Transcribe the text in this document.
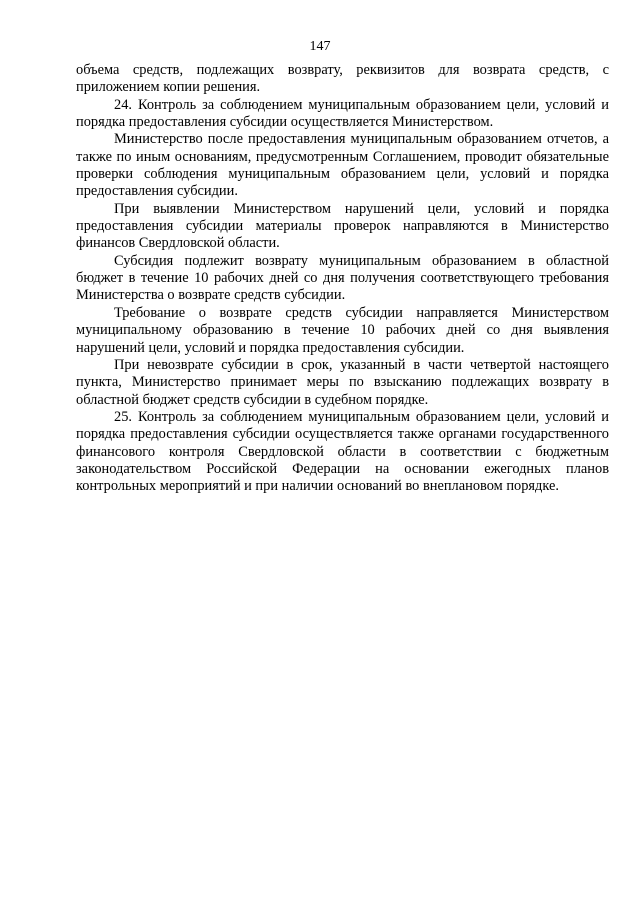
147

объема средств, подлежащих возврату, реквизитов для возврата средств, с приложением копии решения.

24. Контроль за соблюдением муниципальным образованием цели, условий и порядка предоставления субсидии осуществляется Министерством.

Министерство после предоставления муниципальным образованием отчетов, а также по иным основаниям, предусмотренным Соглашением, проводит обязательные проверки соблюдения муниципальным образованием цели, условий и порядка предоставления субсидии.

При выявлении Министерством нарушений цели, условий и порядка предоставления субсидии материалы проверок направляются в Министерство финансов Свердловской области.

Субсидия подлежит возврату муниципальным образованием в областной бюджет в течение 10 рабочих дней со дня получения соответствующего требования Министерства о возврате средств субсидии.

Требование о возврате средств субсидии направляется Министерством муниципальному образованию в течение 10 рабочих дней со дня выявления нарушений цели, условий и порядка предоставления субсидии.

При невозврате субсидии в срок, указанный в части четвертой настоящего пункта, Министерство принимает меры по взысканию подлежащих возврату в областной бюджет средств субсидии в судебном порядке.

25. Контроль за соблюдением муниципальным образованием цели, условий и порядка предоставления субсидии осуществляется также органами государственного финансового контроля Свердловской области в соответствии с бюджетным законодательством Российской Федерации на основании ежегодных планов контрольных мероприятий и при наличии оснований во внеплановом порядке.
